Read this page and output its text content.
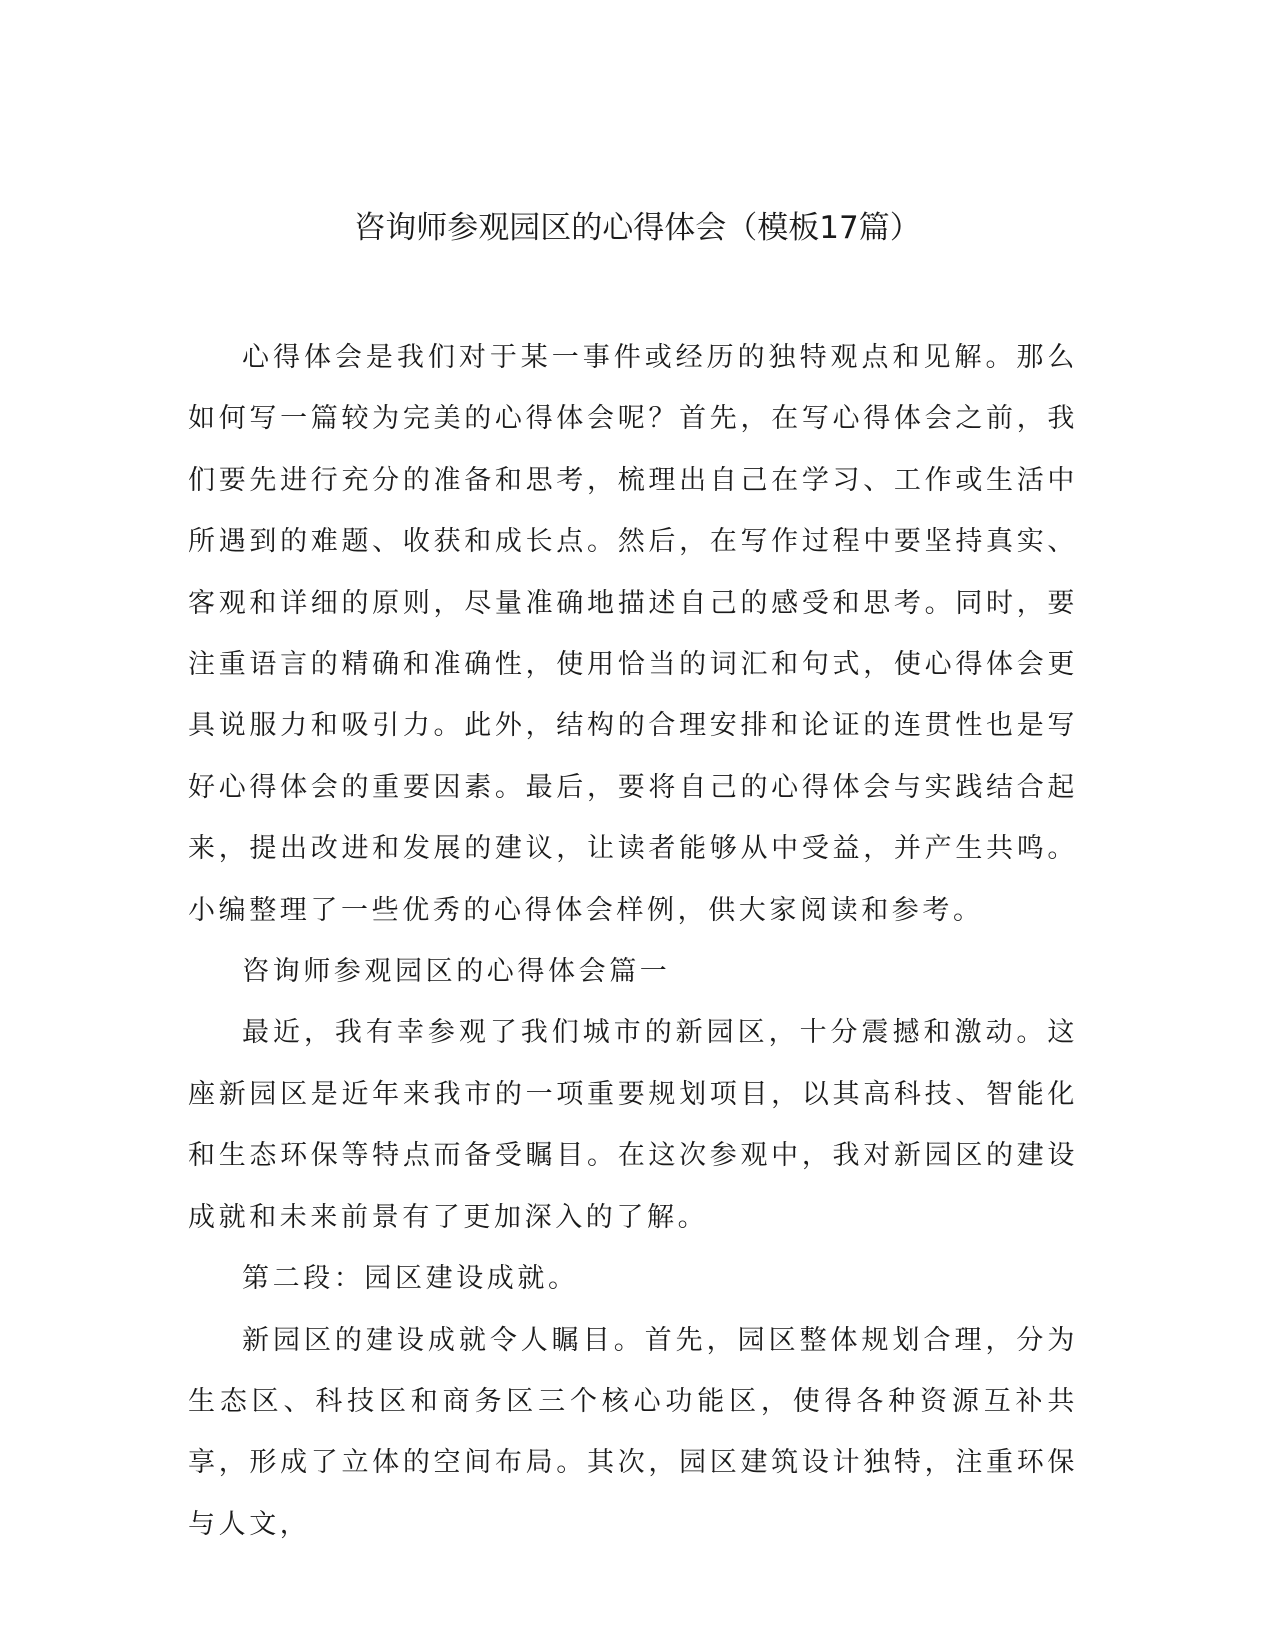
咨询师参观园区的心得体会（模板17篇）

心得体会是我们对于某一事件或经历的独特观点和见解。那么如何写一篇较为完美的心得体会呢？首先，在写心得体会之前，我们要先进行充分的准备和思考，梳理出自己在学习、工作或生活中所遇到的难题、收获和成长点。然后，在写作过程中要坚持真实、客观和详细的原则，尽量准确地描述自己的感受和思考。同时，要注重语言的精确和准确性，使用恰当的词汇和句式，使心得体会更具说服力和吸引力。此外，结构的合理安排和论证的连贯性也是写好心得体会的重要因素。最后，要将自己的心得体会与实践结合起来，提出改进和发展的建议，让读者能够从中受益，并产生共鸣。小编整理了一些优秀的心得体会样例，供大家阅读和参考。

咨询师参观园区的心得体会篇一

最近，我有幸参观了我们城市的新园区，十分震撼和激动。这座新园区是近年来我市的一项重要规划项目，以其高科技、智能化和生态环保等特点而备受瞩目。在这次参观中，我对新园区的建设成就和未来前景有了更加深入的了解。

第二段：园区建设成就。

新园区的建设成就令人瞩目。首先，园区整体规划合理，分为生态区、科技区和商务区三个核心功能区，使得各种资源互补共享，形成了立体的空间布局。其次，园区建筑设计独特，注重环保与人文，
